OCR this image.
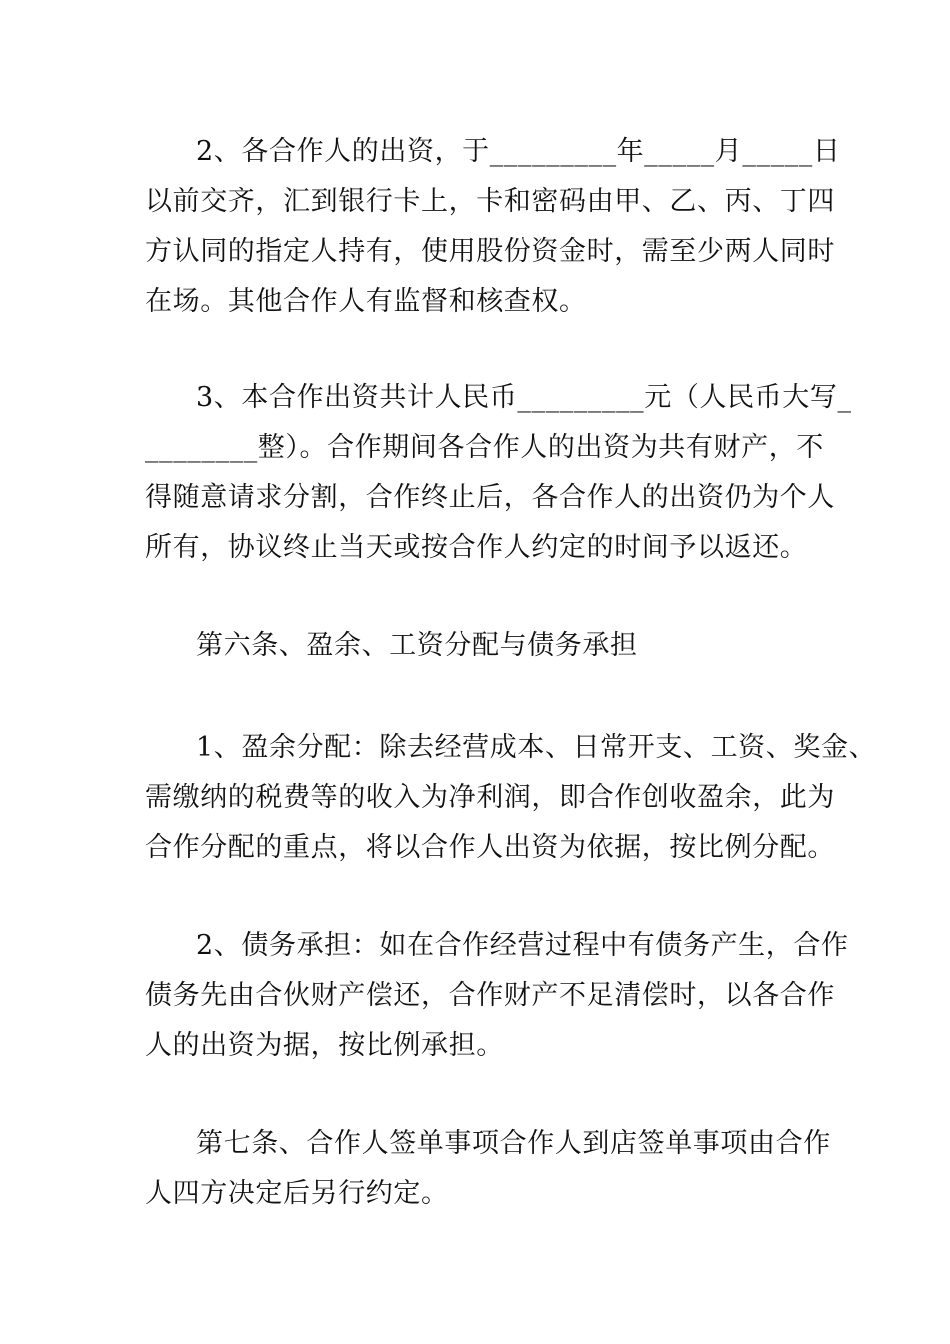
2、各合作人的出资，于_________年_____月_____日
以前交齐，汇到银行卡上，卡和密码由甲、乙、丙、丁四
方认同的指定人持有，使用股份资金时，需至少两人同时
在场。其他合作人有监督和核查权。
3、本合作出资共计人民币_________元（人民币大写_
________整）。合作期间各合作人的出资为共有财产，不
得随意请求分割，合作终止后，各合作人的出资仍为个人
所有，协议终止当天或按合作人约定的时间予以返还。
第六条、盈余、工资分配与债务承担
1、盈余分配：除去经营成本、日常开支、工资、奖金、
需缴纳的税费等的收入为净利润，即合作创收盈余，此为
合作分配的重点，将以合作人出资为依据，按比例分配。
2、债务承担：如在合作经营过程中有债务产生，合作
债务先由合伙财产偿还，合作财产不足清偿时，以各合作
人的出资为据，按比例承担。
第七条、合作人签单事项合作人到店签单事项由合作
人四方决定后另行约定。
